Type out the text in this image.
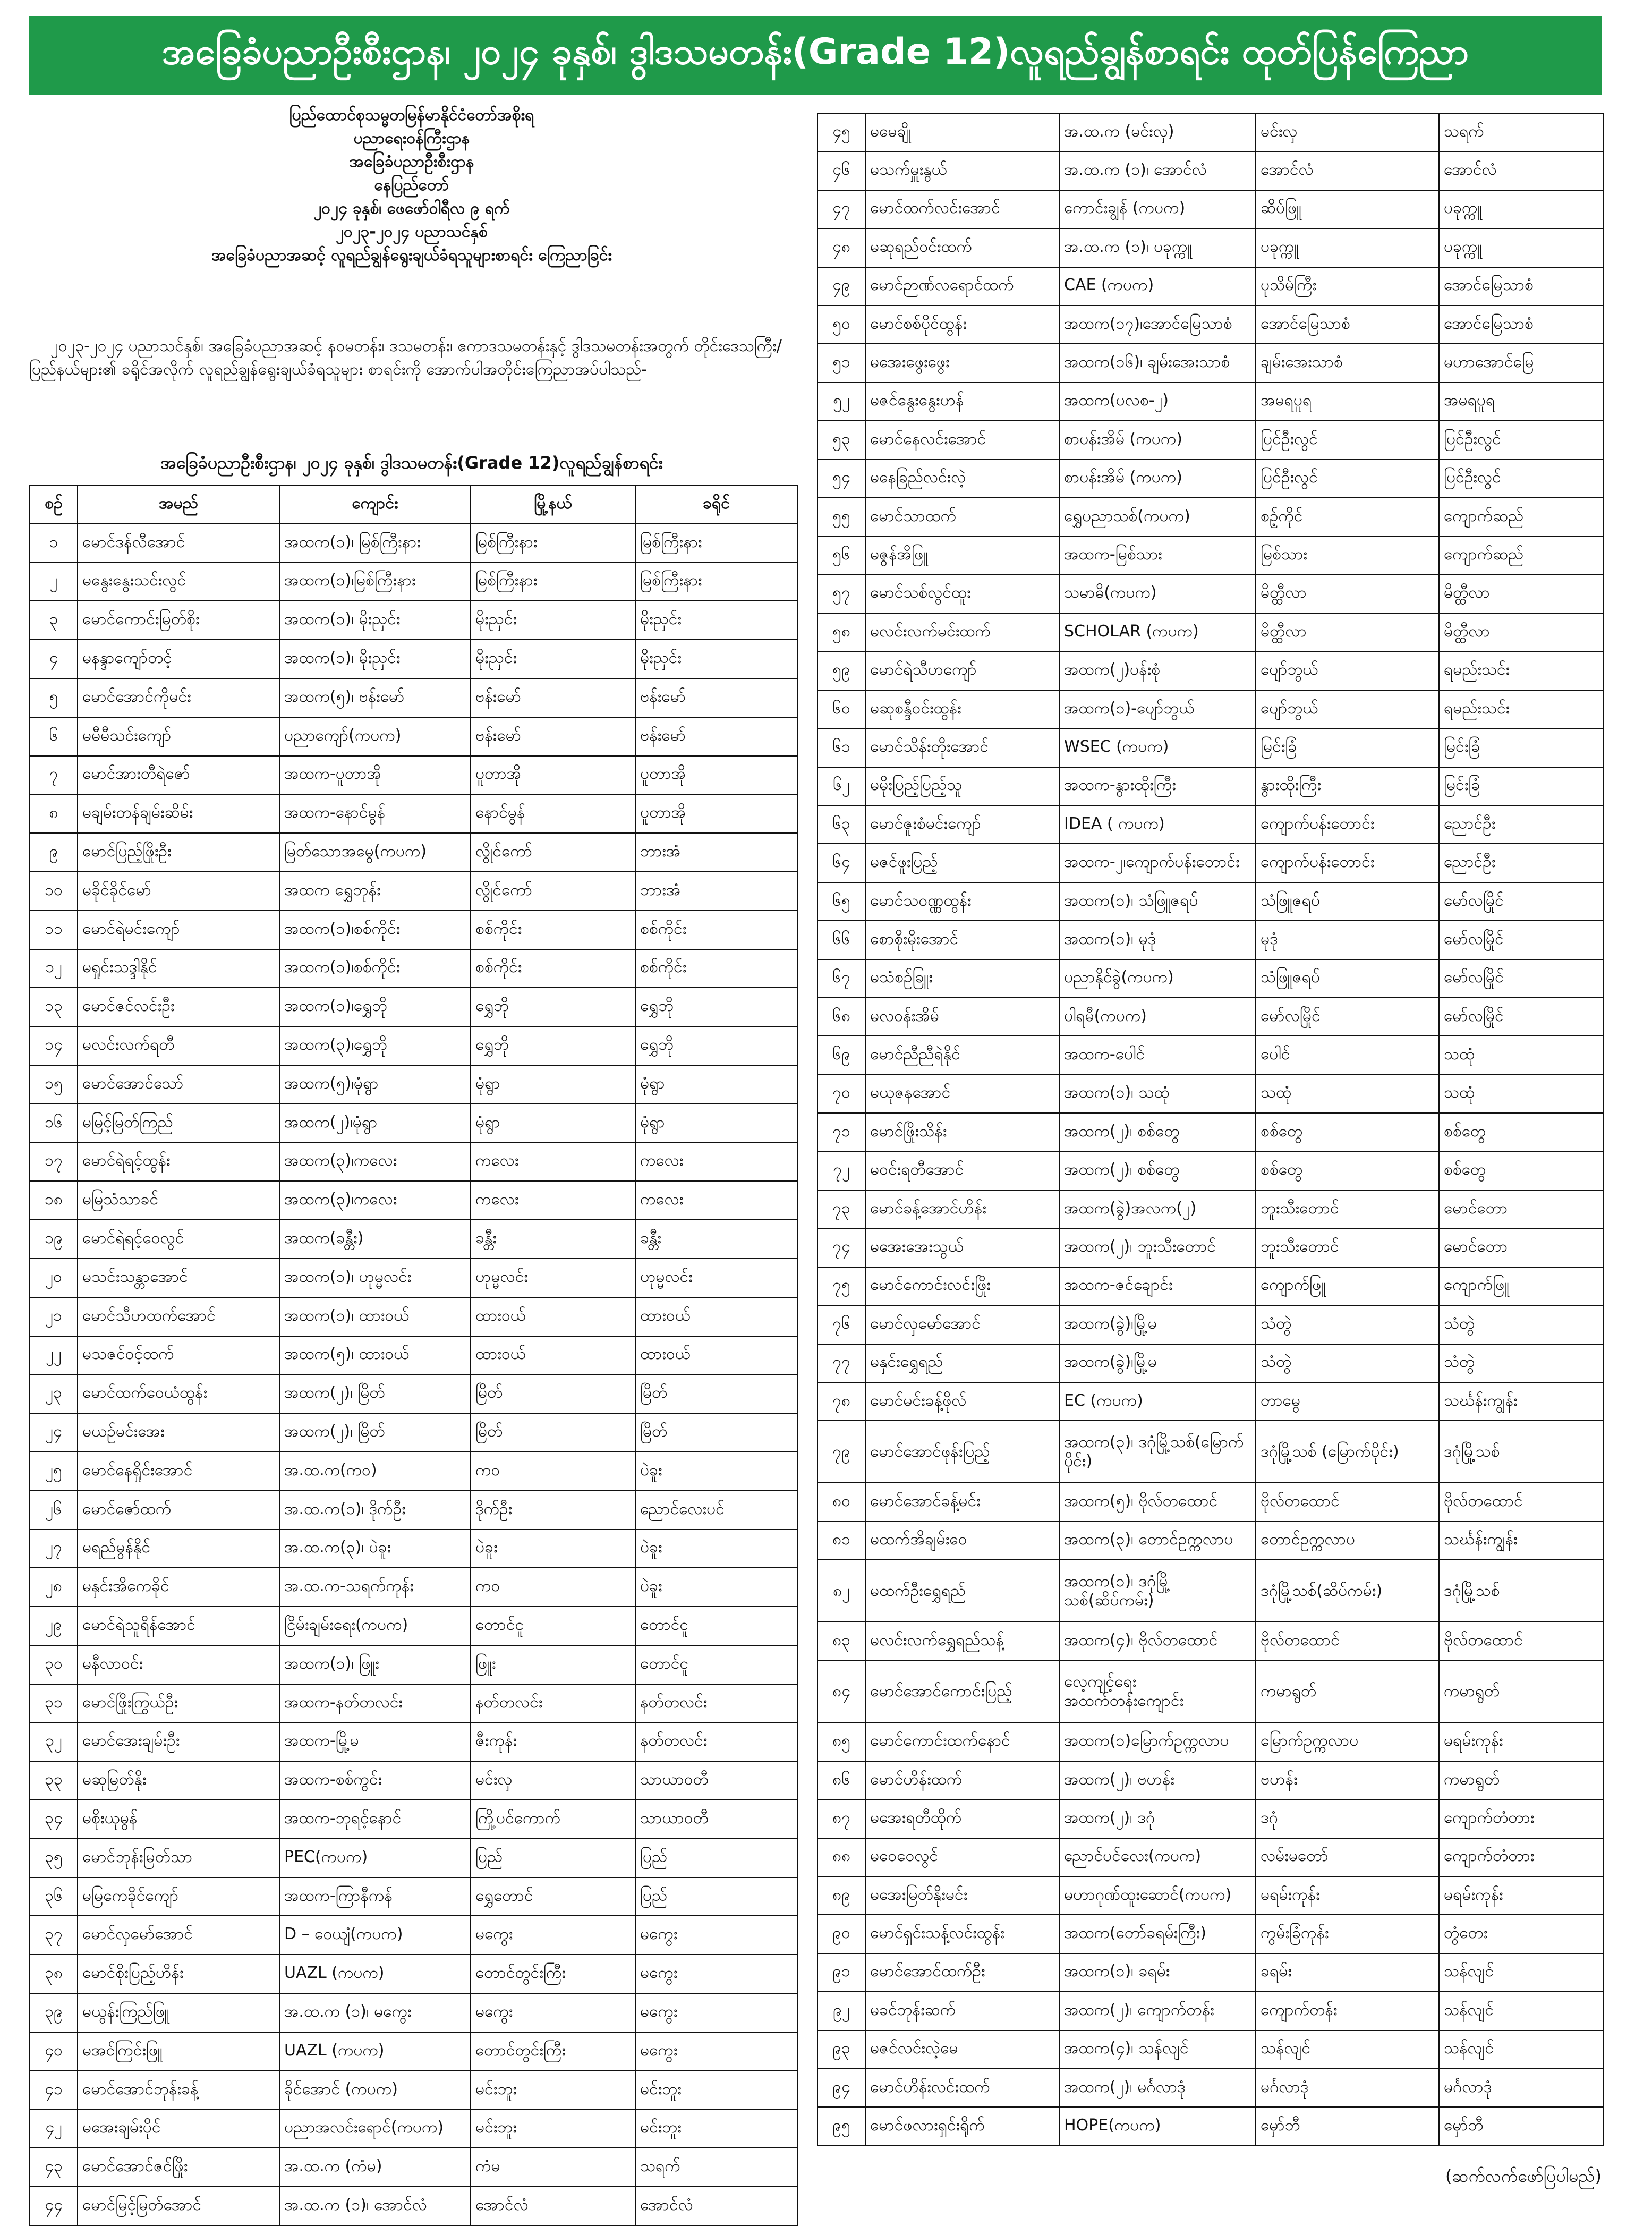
အခြေခံပညာဦးစီးဌာန၊ ၂၀၂၄ ခုနှစ်၊ ဒွါဒသမတန်း(Grade 12)လူရည်ချွန်စာရင်း ထုတ်ပြန်ကြေညာ
ပြည်ထောင်စုသမ္မတမြန်မာနိုင်ငံတော်အစိုးရ
ပညာရေးဝန်ကြီးဌာန
အခြေခံပညာဦးစီးဌာန
နေပြည်တော်
၂၀၂၄ ခုနှစ်၊ ဖေဖော်ဝါရီလ ၉ ရက်
၂၀၂၃-၂၀၂၄ ပညာသင်နှစ်
အခြေခံပညာအဆင့် လူရည်ချွန်ရွေးချယ်ခံရသူများစာရင်း ကြေညာခြင်း
၂၀၂၃-၂၀၂၄ ပညာသင်နှစ်၊ အခြေခံပညာအဆင့် နဝမတန်း၊ ဒသမတန်း၊ ဧကာဒသမတန်းနှင့် ဒွါဒသမတန်းအတွက် တိုင်းဒေသကြီး/ပြည်နယ်များ၏ ခရိုင်အလိုက် လူရည်ချွန်ရွေးချယ်ခံရသူများ စာရင်းကို အောက်ပါအတိုင်းကြေညာအပ်ပါသည်-
အခြေခံပညာဦးစီးဌာန၊ ၂၀၂၄ ခုနှစ်၊ ဒွါဒသမတန်း(Grade 12)လူရည်ချွန်စာရင်း
စဉ်	အမည်	ကျောင်း	မြို့နယ်	ခရိုင်
၁	မောင်ဒန်လီအောင်	အထက(၁)၊ မြစ်ကြီးနား	မြစ်ကြီးနား	မြစ်ကြီးနား
၂	မနွေးနွေးသင်းလွင်	အထက(၁)၊မြစ်ကြီးနား	မြစ်ကြီးနား	မြစ်ကြီးနား
၃	မောင်ကောင်းမြတ်စိုး	အထက(၁)၊ မိုးညှင်း	မိုးညှင်း	မိုးညှင်း
၄	မနန္ဒာကျော်တင့်	အထက(၁)၊ မိုးညှင်း	မိုးညှင်း	မိုးညှင်း
၅	မောင်အောင်ကိုမင်း	အထက(၅)၊ ဗန်းမော်	ဗန်းမော်	ဗန်းမော်
၆	မမီမီသင်းကျော်	ပညာကျော်(ကပက)	ဗန်းမော်	ဗန်းမော်
၇	မောင်အားတီရဲဇော်	အထက-ပူတာအို	ပူတာအို	ပူတာအို
၈	မချမ်းတန်ချမ်းဆိမ်း	အထက-နောင်မွန်	နောင်မွန်	ပူတာအို
၉	မောင်ပြည့်ဖြိုးဦး	မြတ်သောအမွေ(ကပက)	လွိုင်ကော်	ဘားအံ
၁၀	မခိုင်ခိုင်မော်	အထက ရွှေဘုန်း	လွိုင်ကော်	ဘားအံ
၁၁	မောင်ရဲမင်းကျော်	အထက(၁)၊စစ်ကိုင်း	စစ်ကိုင်း	စစ်ကိုင်း
၁၂	မရှုင်းသဒ္ဒါနိုင်	အထက(၁)၊စစ်ကိုင်း	စစ်ကိုင်း	စစ်ကိုင်း
၁၃	မောင်ဇင်လင်းဦး	အထက(၁)၊ရွှေဘို	ရွှေဘို	ရွှေဘို
၁၄	မလင်းလက်ရတီ	အထက(၃)၊ရွှေဘို	ရွှေဘို	ရွှေဘို
၁၅	မောင်အောင်သော်	အထက(၅)၊မုံရွာ	မုံရွာ	မုံရွာ
၁၆	မမြင့်မြတ်ကြည်	အထက(၂)၊မုံရွာ	မုံရွာ	မုံရွာ
၁၇	မောင်ရဲရင့်ထွန်း	အထက(၃)၊ကလေး	ကလေး	ကလေး
၁၈	မမြသံသာခင်	အထက(၃)၊ကလေး	ကလေး	ကလေး
၁၉	မောင်ရဲရင့်ဝေလွင်	အထက(ခန္တီး)	ခန္တီး	ခန္တီး
၂၀	မသင်းသန္တာအောင်	အထက(၁)၊ ဟုမ္မလင်း	ဟုမ္မလင်း	ဟုမ္မလင်း
၂၁	မောင်သီဟထက်အောင်	အထက(၁)၊ ထားဝယ်	ထားဝယ်	ထားဝယ်
၂၂	မသဇင်ဝင့်ထက်	အထက(၅)၊ ထားဝယ်	ထားဝယ်	ထားဝယ်
၂၃	မောင်ထက်ဝေယံထွန်း	အထက(၂)၊ မြိတ်	မြိတ်	မြိတ်
၂၄	မယဉ်မင်းအေး	အထက(၂)၊ မြိတ်	မြိတ်	မြိတ်
၂၅	မောင်နေရှိုင်းအောင်	အ.ထ.က(ကဝ)	ကဝ	ပဲခူး
၂၆	မောင်ဇော်ထက်	အ.ထ.က(၁)၊ ဒိုက်ဦး	ဒိုက်ဦး	ညောင်လေးပင်
၂၇	မရည်မွန်နိုင်	အ.ထ.က(၃)၊ ပဲခူး	ပဲခူး	ပဲခူး
၂၈	မနှင်းအိကေခိုင်	အ.ထ.က-သရက်ကုန်း	ကဝ	ပဲခူး
၂၉	မောင်ရဲသူရိန်အောင်	ငြိမ်းချမ်းရေး(ကပက)	တောင်ငူ	တောင်ငူ
၃၀	မနီလာဝင်း	အထက(၁)၊ ဖြူး	ဖြူး	တောင်ငူ
၃၁	မောင်ဖြိုးကြွယ်ဦး	အထက-နတ်တလင်း	နတ်တလင်း	နတ်တလင်း
၃၂	မောင်အေးချမ်းဦး	အထက-မြို့မ	ဇီးကုန်း	နတ်တလင်း
၃၃	မဆုမြတ်နိုး	အထက-စစ်ကွင်း	မင်းလှ	သာယာဝတီ
၃၄	မစိုးယုမွန်	အထက-ဘုရင့်နောင်	ကြို့ပင်ကောက်	သာယာဝတီ
၃၅	မောင်ဘုန်းမြတ်သာ	PEC(ကပက)	ပြည်	ပြည်
၃၆	မမြကေခိုင်ကျော်	အထက-ကြာနီကန်	ရွှေတောင်	ပြည်
၃၇	မောင်လှမော်အောင်	D – ဝေယျံ(ကပက)	မကွေး	မကွေး
၃၈	မောင်စိုးပြည့်ဟိန်း	UAZL (ကပက)	တောင်တွင်းကြီး	မကွေး
၃၉	မယွန်းကြည်ဖြူ	အ.ထ.က (၁)၊ မကွေး	မကွေး	မကွေး
၄၀	မအင်ကြင်းဖြူ	UAZL (ကပက)	တောင်တွင်းကြီး	မကွေး
၄၁	မောင်အောင်ဘုန်းခန့်	ခိုင်အောင် (ကပက)	မင်းဘူး	မင်းဘူး
၄၂	မအေးချမ်းပိုင်	ပညာအလင်းရောင်(ကပက)	မင်းဘူး	မင်းဘူး
၄၃	မောင်အောင်ဇင်ဖြိုး	အ.ထ.က (ကံမ)	ကံမ	သရက်
၄၄	မောင်မြင့်မြတ်အောင်	အ.ထ.က (၁)၊ အောင်လံ	အောင်လံ	အောင်လံ
၄၅	မမေချို	အ.ထ.က (မင်းလှ)	မင်းလှ	သရက်
၄၆	မသက်မှူးနွယ်	အ.ထ.က (၁)၊ အောင်လံ	အောင်လံ	အောင်လံ
၄၇	မောင်ထက်လင်းအောင်	ကောင်းချွန် (ကပက)	ဆိပ်ဖြူ	ပခုက္ကူ
၄၈	မဆုရည်ဝင်းထက်	အ.ထ.က (၁)၊ ပခုက္ကူ	ပခုက္ကူ	ပခုက္ကူ
၄၉	မောင်ဉာဏ်လရောင်ထက်	CAE (ကပက)	ပုသိမ်ကြီး	အောင်မြေသာစံ
၅၀	မောင်စစ်ပိုင်ထွန်း	အထက(၁၇)၊အောင်မြေသာစံ	အောင်မြေသာစံ	အောင်မြေသာစံ
၅၁	မအေးဖွေးဖွေး	အထက(၁၆)၊ ချမ်းအေးသာစံ	ချမ်းအေးသာစံ	မဟာအောင်မြေ
၅၂	မဇင်နွေးနွေးဟန်	အထက(ပလစ-၂)	အမရပူရ	အမရပူရ
၅၃	မောင်နေလင်းအောင်	စာပန်းအိမ် (ကပက)	ပြင်ဦးလွင်	ပြင်ဦးလွင်
၅၄	မနေခြည်လင်းလဲ့	စာပန်းအိမ် (ကပက)	ပြင်ဦးလွင်	ပြင်ဦးလွင်
၅၅	မောင်သာထက်	ရွှေပညာသစ်(ကပက)	စဉ့်ကိုင်	ကျောက်ဆည်
၅၆	မဇွန်အိဖြူ	အထက-မြစ်သား	မြစ်သား	ကျောက်ဆည်
၅၇	မောင်သစ်လွင်ထူး	သမာဓိ(ကပက)	မိတ္ထီလာ	မိတ္ထီလာ
၅၈	မလင်းလက်မင်းထက်	SCHOLAR (ကပက)	မိတ္ထီလာ	မိတ္ထီလာ
၅၉	မောင်ရဲသီဟကျော်	အထက(၂)ပန်းစုံ	ပျော်ဘွယ်	ရမည်းသင်း
၆၀	မဆုစန္ဒီဝင်းထွန်း	အထက(၁)-ပျော်ဘွယ်	ပျော်ဘွယ်	ရမည်းသင်း
၆၁	မောင်သိန်းတိုးအောင်	WSEC (ကပက)	မြင်းခြံ	မြင်းခြံ
၆၂	မမိုးပြည့်ပြည့်သူ	အထက-နွားထိုးကြီး	နွားထိုးကြီး	မြင်းခြံ
၆၃	မောင်ဇူးစံမင်းကျော်	IDEA ( ကပက)	ကျောက်ပန်းတောင်း	ညောင်ဦး
၆၄	မဇင်ဖူးပြည့်	အထက-၂၊ကျောက်ပန်းတောင်း	ကျောက်ပန်းတောင်း	ညောင်ဦး
၆၅	မောင်သဝဏ္ဏထွန်း	အထက(၁)၊ သံဖြူဇရပ်	သံဖြူဇရပ်	မော်လမြိုင်
၆၆	စောစိုးမိုးအောင်	အထက(၁)၊ မုဒုံ	မုဒုံ	မော်လမြိုင်
၆၇	မသံစဉ်ခြူး	ပညာနိုင်ခွဲ(ကပက)	သံဖြူဇရပ်	မော်လမြိုင်
၆၈	မလဝန်းအိမ်	ပါရမီ(ကပက)	မော်လမြိုင်	မော်လမြိုင်
၆၉	မောင်ညီညီရဲနိုင်	အထက-ပေါင်	ပေါင်	သထုံ
၇၀	မယုဇနအောင်	အထက(၁)၊ သထုံ	သထုံ	သထုံ
၇၁	မောင်ဖြိုးသိန်း	အထက(၂)၊ စစ်တွေ	စစ်တွေ	စစ်တွေ
၇၂	မဝင်းရတီအောင်	အထက(၂)၊ စစ်တွေ	စစ်တွေ	စစ်တွေ
၇၃	မောင်ခန့်အောင်ဟိန်း	အထက(ခွဲ)အလက(၂)	ဘူးသီးတောင်	မောင်တော
၇၄	မအေးအေးသွယ်	အထက(၂)၊ ဘူးသီးတောင်	ဘူးသီးတောင်	မောင်တော
၇၅	မောင်ကောင်းလင်းဖြိုး	အထက-ဇင်ချောင်း	ကျောက်ဖြူ	ကျောက်ဖြူ
၇၆	မောင်လှမော်အောင်	အထက(ခွဲ)၊မြို့မ	သံတွဲ	သံတွဲ
၇၇	မနှင်းရွှေရည်	အထက(ခွဲ)၊မြို့မ	သံတွဲ	သံတွဲ
၇၈	မောင်မင်းခန့်ဖိုလ်	EC (ကပက)	တာမွေ	သင်္ဃန်းကျွန်း
၇၉	မောင်အောင်ဖုန်းပြည့်	အထက(၃)၊ ဒဂုံမြို့သစ်(မြောက်ပိုင်း)	ဒဂုံမြို့သစ် (မြောက်ပိုင်း)	ဒဂုံမြို့သစ်
၈၀	မောင်အောင်ခန့်မင်း	အထက(၅)၊ ဗိုလ်တထောင်	ဗိုလ်တထောင်	ဗိုလ်တထောင်
၈၁	မထက်အိချမ်းဝေ	အထက(၃)၊ တောင်ဥက္ကလာပ	တောင်ဥက္ကလာပ	သင်္ဃန်းကျွန်း
၈၂	မထက်ဦးရွှေရည်	အထက(၁)၊ ဒဂုံမြို့သစ်(ဆိပ်ကမ်း)	ဒဂုံမြို့သစ်(ဆိပ်ကမ်း)	ဒဂုံမြို့သစ်
၈၃	မလင်းလက်ရွှေရည်သန့်	အထက(၄)၊ ဗိုလ်တထောင်	ဗိုလ်တထောင်	ဗိုလ်တထောင်
၈၄	မောင်အောင်ကောင်းပြည့်	လေ့ကျင့်ရေး အထက်တန်းကျောင်း	ကမာရွတ်	ကမာရွတ်
၈၅	မောင်ကောင်းထက်နောင်	အထက(၁)မြောက်ဥက္ကလာပ	မြောက်ဥက္ကလာပ	မရမ်းကုန်း
၈၆	မောင်ဟိန်းထက်	အထက(၂)၊ ဗဟန်း	ဗဟန်း	ကမာရွတ်
၈၇	မအေးရတီထိုက်	အထက(၂)၊ ဒဂုံ	ဒဂုံ	ကျောက်တံတား
၈၈	မဝေဝေလွင်	ညောင်ပင်လေး(ကပက)	လမ်းမတော်	ကျောက်တံတား
၈၉	မအေးမြတ်နိုးမင်း	မဟာဂုဏ်ထူးဆောင်(ကပက)	မရမ်းကုန်း	မရမ်းကုန်း
၉၀	မောင်ရှင်းသန့်လင်းထွန်း	အထက(တော်ခရမ်းကြီး)	ကွမ်းခြံကုန်း	တွံတေး
၉၁	မောင်အောင်ထက်ဦး	အထက(၁)၊ ခရမ်း	ခရမ်း	သန်လျင်
၉၂	မခင်ဘုန်းဆက်	အထက(၂)၊ ကျောက်တန်း	ကျောက်တန်း	သန်လျင်
၉၃	မဇင်လင်းလဲ့မေ	အထက(၄)၊ သန်လျင်	သန်လျင်	သန်လျင်
၉၄	မောင်ဟိန်းလင်းထက်	အထက(၂)၊ မင်္ဂလာဒုံ	မင်္ဂလာဒုံ	မင်္ဂလာဒုံ
၉၅	မောင်ဖလားရှင်းရိုက်	HOPE(ကပက)	မှော်ဘီ	မှော်ဘီ
(ဆက်လက်ဖော်ပြပါမည်)
